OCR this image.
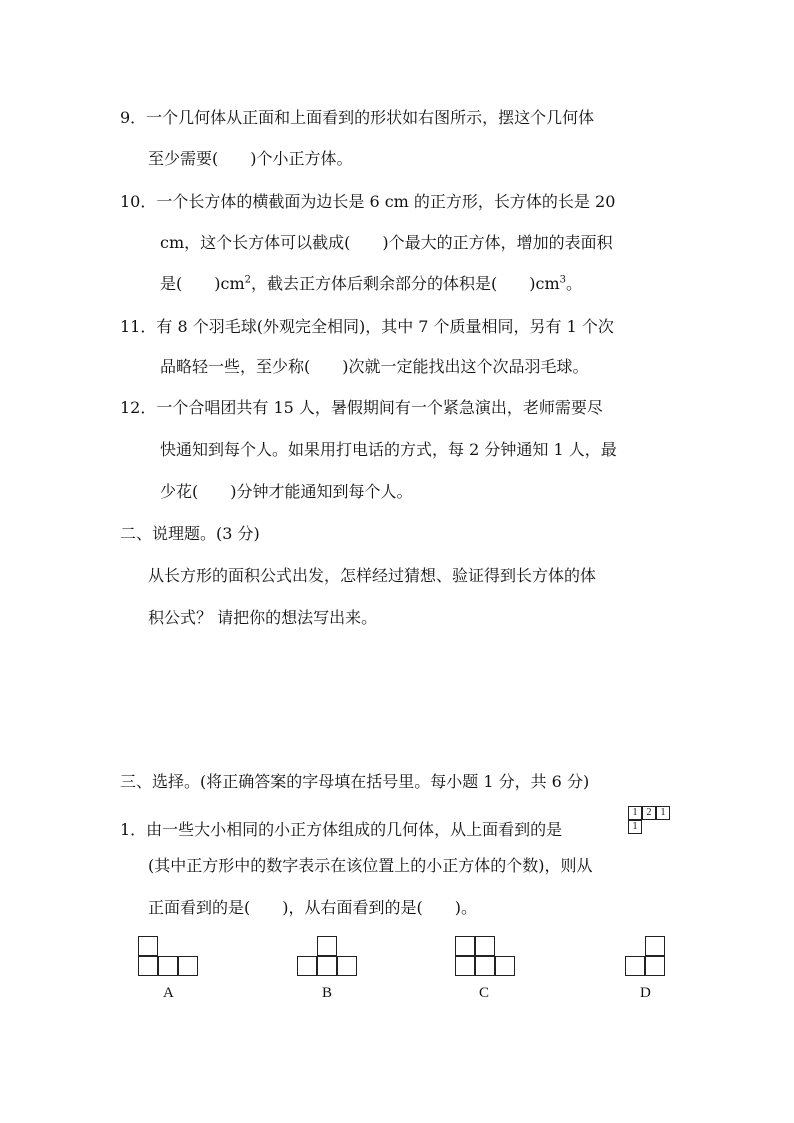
9．一个几何体从正面和上面看到的形状如右图所示，摆这个几何体
至少需要(　　)个小正方体。
10．一个长方体的横截面为边长是 6 cm 的正方形，长方体的长是 20
cm，这个长方体可以截成(　　)个最大的正方体，增加的表面积
是(　　)$cm^2$，截去正方体后剩余部分的体积是(　　)$cm^3$。
11．有 8 个羽毛球(外观完全相同)，其中 7 个质量相同，另有 1 个次
品略轻一些，至少称(　　)次就一定能找出这个次品羽毛球。
12．一个合唱团共有 15 人，暑假期间有一个紧急演出，老师需要尽
快通知到每个人。如果用打电话的方式，每 2 分钟通知 1 人，最
少花(　　)分钟才能通知到每个人。
二、说理题。(3 分)
从长方形的面积公式出发，怎样经过猜想、验证得到长方体的体
积公式？ 请把你的想法写出来。
三、选择。(将正确答案的字母填在括号里。每小题 1 分，共 6 分)
1．由一些大小相同的小正方体组成的几何体，从上面看到的是
1 2 1
1
(其中正方形中的数字表示在该位置上的小正方体的个数)，则从
正面看到的是(　　)，从右面看到的是(　　)。
A	B	C	D
